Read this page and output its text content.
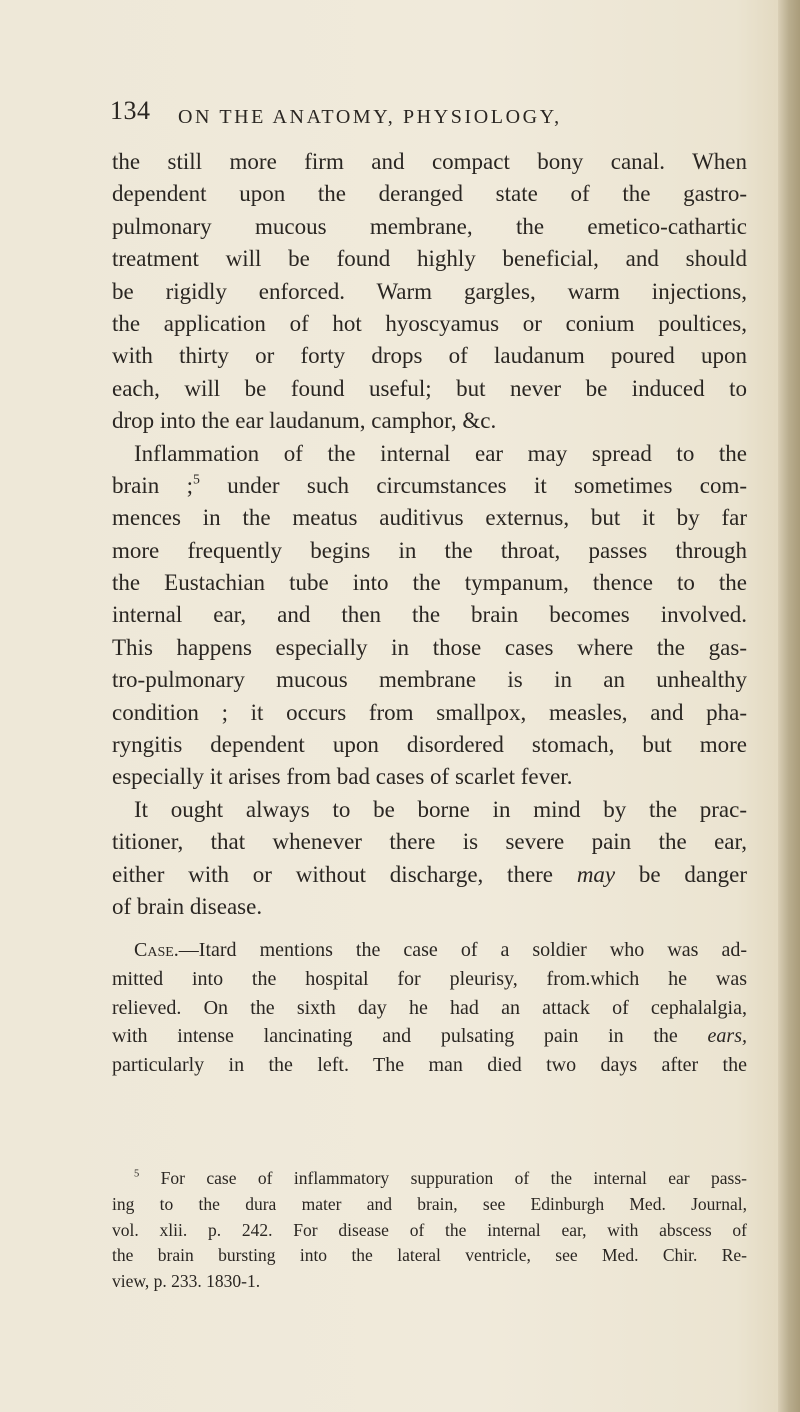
134 ON THE ANATOMY, PHYSIOLOGY,
the still more firm and compact bony canal. When
dependent upon the deranged state of the gastro-
pulmonary mucous membrane, the emetico-cathartic
treatment will be found highly beneficial, and should
be rigidly enforced. Warm gargles, warm injections,
the application of hot hyoscyamus or conium poultices,
with thirty or forty drops of laudanum poured upon
each, will be found useful; but never be induced to
drop into the ear laudanum, camphor, &c.
Inflammation of the internal ear may spread to the
brain ;$^5$ under such circumstances it sometimes com-
mences in the meatus auditivus externus, but it by far
more frequently begins in the throat, passes through
the Eustachian tube into the tympanum, thence to the
internal ear, and then the brain becomes involved.
This happens especially in those cases where the gas-
tro-pulmonary mucous membrane is in an unhealthy
condition ; it occurs from smallpox, measles, and pha-
ryngitis dependent upon disordered stomach, but more
especially it arises from bad cases of scarlet fever.
It ought always to be borne in mind by the prac-
titioner, that whenever there is severe pain the ear,
either with or without discharge, there may be danger
of brain disease.
Case.—Itard mentions the case of a soldier who was ad-
mitted into the hospital for pleurisy, from.which he was
relieved. On the sixth day he had an attack of cephalalgia,
with intense lancinating and pulsating pain in the ears,
particularly in the left. The man died two days after the
$^5$ For case of inflammatory suppuration of the internal ear pass-
ing to the dura mater and brain, see Edinburgh Med. Journal,
vol. xlii. p. 242. For disease of the internal ear, with abscess of
the brain bursting into the lateral ventricle, see Med. Chir. Re-
view, p. 233. 1830-1.
